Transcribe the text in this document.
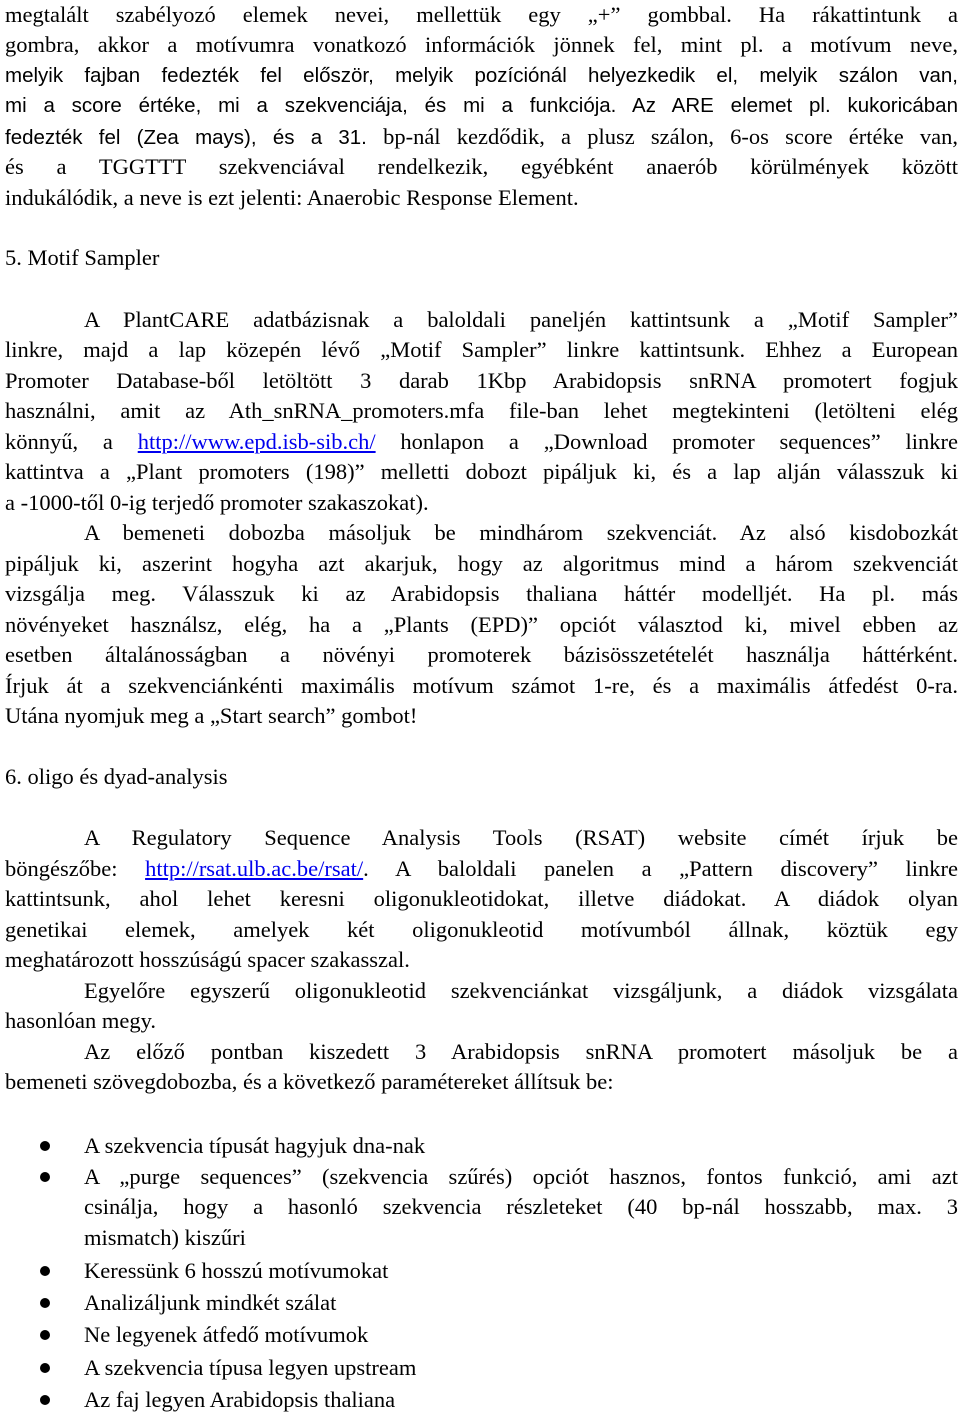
megtalált szabélyozó elemek nevei, mellettük egy „+” gombbal. Ha rákattintunk a
gombra, akkor a motívumra vonatkozó információk jönnek fel, mint pl. a motívum neve,
melyik fajban fedezték fel először, melyik pozíciónál helyezkedik el, melyik szálon van,
mi a score értéke, mi a szekvenciája, és mi a funkciója. Az ARE elemet pl. kukoricában
fedezték fel (Zea mays), és a 31. bp-nál kezdődik, a plusz szálon, 6-os score értéke van,
és a TGGTTT szekvenciával rendelkezik, egyébként anaerób körülmények között
indukálódik, a neve is ezt jelenti: Anaerobic Response Element.
5. Motif Sampler
A PlantCARE adatbázisnak a baloldali paneljén kattintsunk a „Motif Sampler”
linkre, majd a lap közepén lévő „Motif Sampler” linkre kattintsunk. Ehhez a European
Promoter Database-ből letöltött 3 darab 1Kbp Arabidopsis snRNA promotert fogjuk
használni, amit az Ath_snRNA_promoters.mfa file-ban lehet megtekinteni (letölteni elég
könnyű, a http://www.epd.isb-sib.ch/ honlapon a „Download promoter sequences” linkre
kattintva a „Plant promoters (198)” melletti dobozt pipáljuk ki, és a lap alján válasszuk ki
a -1000-től 0-ig terjedő promoter szakaszokat).
A bemeneti dobozba másoljuk be mindhárom szekvenciát. Az alsó kisdobozkát
pipáljuk ki, aszerint hogyha azt akarjuk, hogy az algoritmus mind a három szekvenciát
vizsgálja meg. Válasszuk ki az Arabidopsis thaliana háttér modelljét. Ha pl. más
növényeket használsz, elég, ha a „Plants (EPD)” opciót választod ki, mivel ebben az
esetben általánosságban a növényi promoterek bázisösszetételét használja háttérként.
Írjuk át a szekvenciánkénti maximális motívum számot 1-re, és a maximális átfedést 0-ra.
Utána nyomjuk meg a „Start search” gombot!
6. oligo és dyad-analysis
A Regulatory Sequence Analysis Tools (RSAT) website címét írjuk be
böngészőbe: http://rsat.ulb.ac.be/rsat/. A baloldali panelen a „Pattern discovery” linkre
kattintsunk, ahol lehet keresni oligonukleotidokat, illetve diádokat. A diádok olyan
genetikai elemek, amelyek két oligonukleotid motívumból állnak, köztük egy
meghatározott hosszúságú spacer szakasszal.
Egyelőre egyszerű oligonukleotid szekvenciánkat vizsgáljunk, a diádok vizsgálata
hasonlóan megy.
Az előző pontban kiszedett 3 Arabidopsis snRNA promotert másoljuk be a
bemeneti szövegdobozba, és a következő paramétereket állítsuk be:
A szekvencia típusát hagyjuk dna-nak
A „purge sequences” (szekvencia szűrés) opciót hasznos, fontos funkció, ami azt
csinálja, hogy a hasonló szekvencia részleteket (40 bp-nál hosszabb, max. 3
mismatch) kiszűri
Keressünk 6 hosszú motívumokat
Analizáljunk mindkét szálat
Ne legyenek átfedő motívumok
A szekvencia típusa legyen upstream
Az faj legyen Arabidopsis thaliana
